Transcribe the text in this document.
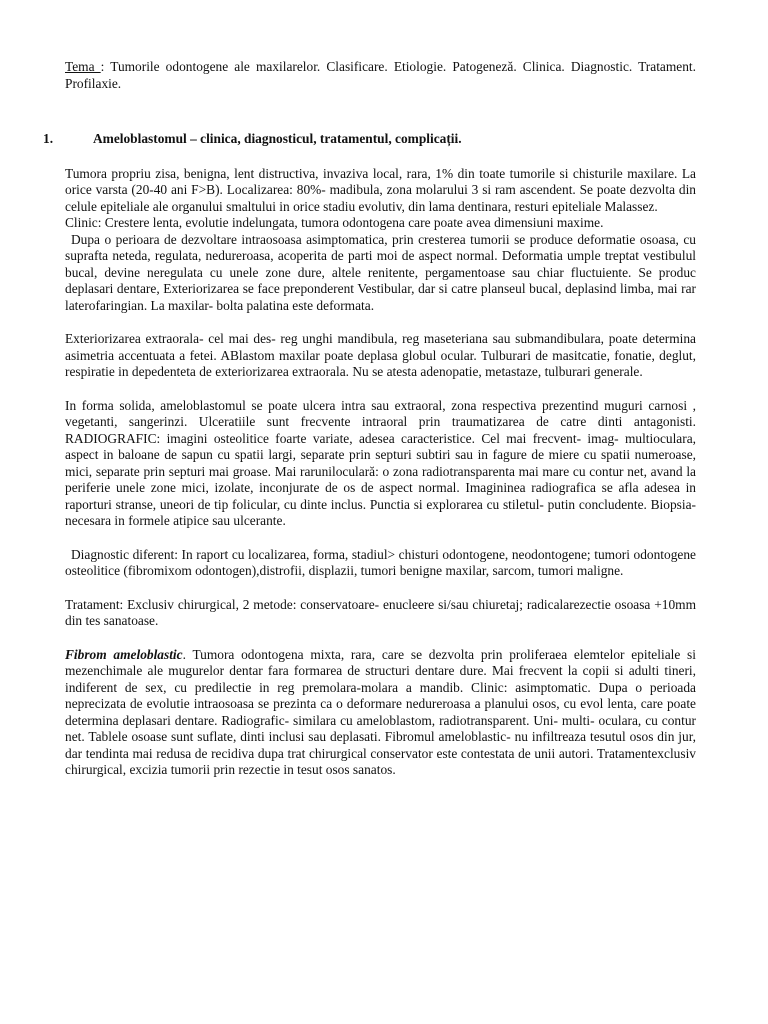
Tema : Tumorile odontogene ale maxilarelor. Clasificare. Etiologie. Patogeneză. Clinica. Diagnostic. Tratament. Profilaxie.

1.	Ameloblastomul – clinica, diagnosticul, tratamentul, complicații.

Tumora propriu zisa, benigna, lent distructiva, invaziva local, rara, 1% din toate tumorile si chisturile maxilare. La orice varsta (20-40 ani F>B). Localizarea: 80%- madibula, zona molarului 3 si ram ascendent. Se poate dezvolta din celule epiteliale ale organului smaltului in orice stadiu evolutiv, din lama dentinara, resturi epiteliale Malassez.

Clinic: Crestere lenta, evolutie indelungata, tumora odontogena care poate avea dimensiuni maxime.

Dupa o perioara de dezvoltare intraosoasa asimptomatica, prin cresterea tumorii se produce deformatie osoasa, cu suprafta neteda, regulata, nedureroasa, acoperita de parti moi de aspect normal. Deformatia umple treptat vestibulul bucal, devine neregulata cu unele zone dure, altele renitente, pergamentoase sau chiar fluctuiente. Se produc deplasari dentare, Exteriorizarea se face preponderent Vestibular, dar si catre planseul bucal, deplasind limba, mai rar laterofaringian. La maxilar- bolta palatina este deformata.

Exteriorizarea extraorala- cel mai des- reg unghi mandibula, reg maseteriana sau submandibulara, poate determina asimetria accentuata a fetei. ABlastom maxilar poate deplasa globul ocular. Tulburari de masitcatie, fonatie, deglut, respiratie in depedenteta de exteriorizarea extraorala. Nu se atesta adenopatie, metastaze, tulburari generale.

In forma solida, ameloblastomul se poate ulcera intra sau extraoral, zona respectiva prezentind muguri carnosi , vegetanti, sangerinzi. Ulceratiile sunt frecvente intraoral prin traumatizarea de catre dinti antagonisti. RADIOGRAFIC: imagini osteolitice foarte variate, adesea caracteristice. Cel mai frecvent- imag- multioculara, aspect in baloane de sapun cu spatii largi, separate prin septuri subtiri sau in fagure de miere cu spatii numeroase, mici, separate prin septuri mai groase. Mai raruniloculară: o zona radiotransparenta mai mare cu contur net, avand la periferie unele zone mici, izolate, inconjurate de os de aspect normal. Imagininea radiografica se afla adesea in raporturi stranse, uneori de tip folicular, cu dinte inclus. Punctia si explorarea cu stiletul- putin concludente. Biopsia- necesara in formele atipice sau ulcerante.

Diagnostic diferent: In raport cu localizarea, forma, stadiul> chisturi odontogene, neodontogene; tumori odontogene osteolitice (fibromixom odontogen),distrofii, displazii, tumori benigne maxilar, sarcom, tumori maligne.

Tratament: Exclusiv chirurgical, 2 metode: conservatoare- enucleere si/sau chiuretaj; radicalarezectie osoasa +10mm din tes sanatoase.

Fibrom ameloblastic. Tumora odontogena mixta, rara, care se dezvolta prin proliferaea elemtelor epiteliale si mezenchimale ale mugurelor dentar fara formarea de structuri dentare dure. Mai frecvent la copii si adulti tineri, indiferent de sex, cu predilectie in reg premolara-molara a mandib. Clinic: asimptomatic. Dupa o perioada neprecizata de evolutie intraosoasa se prezinta ca o deformare nedureroasa a planului osos, cu evol lenta, care poate determina deplasari dentare. Radiografic- similara cu ameloblastom, radiotransparent. Uni- multi- oculara, cu contur net. Tablele osoase sunt suflate, dinti inclusi sau deplasati. Fibromul ameloblastic- nu infiltreaza tesutul osos din jur, dar tendinta mai redusa de recidiva dupa trat chirurgical conservator este contestata de unii autori. Tratamentexclusiv chirurgical, excizia tumorii prin rezectie in tesut osos sanatos.
